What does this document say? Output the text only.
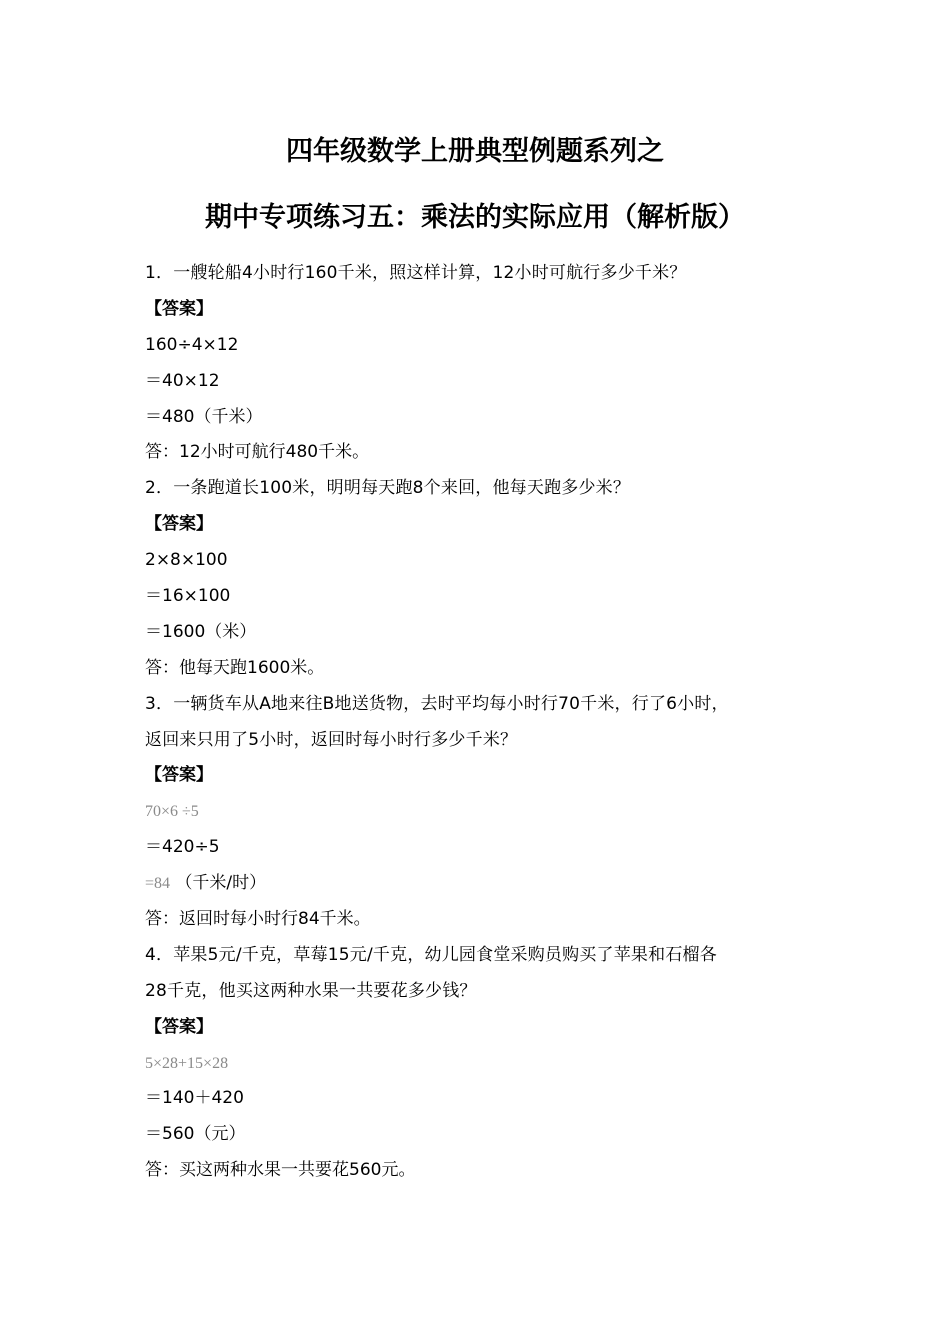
四年级数学上册典型例题系列之
期中专项练习五：乘法的实际应用（解析版）
1．一艘轮船4小时行160千米，照这样计算，12小时可航行多少千米？
【答案】
160÷4×12
＝40×12
＝480（千米）
答：12小时可航行480千米。
2．一条跑道长100米，明明每天跑8个来回，他每天跑多少米？
【答案】
2×8×100
＝16×100
＝1600（米）
答：他每天跑1600米。
3．一辆货车从A地来往B地送货物，去时平均每小时行70千米，行了6小时，
返回来只用了5小时，返回时每小时行多少千米？
【答案】
70×6 ÷5
＝420÷5
=84 （千米/时）
答：返回时每小时行84千米。
4．苹果5元/千克，草莓15元/千克，幼儿园食堂采购员购买了苹果和石榴各
28千克，他买这两种水果一共要花多少钱？
【答案】
5×28+15×28
＝140＋420
＝560（元）
答：买这两种水果一共要花560元。
